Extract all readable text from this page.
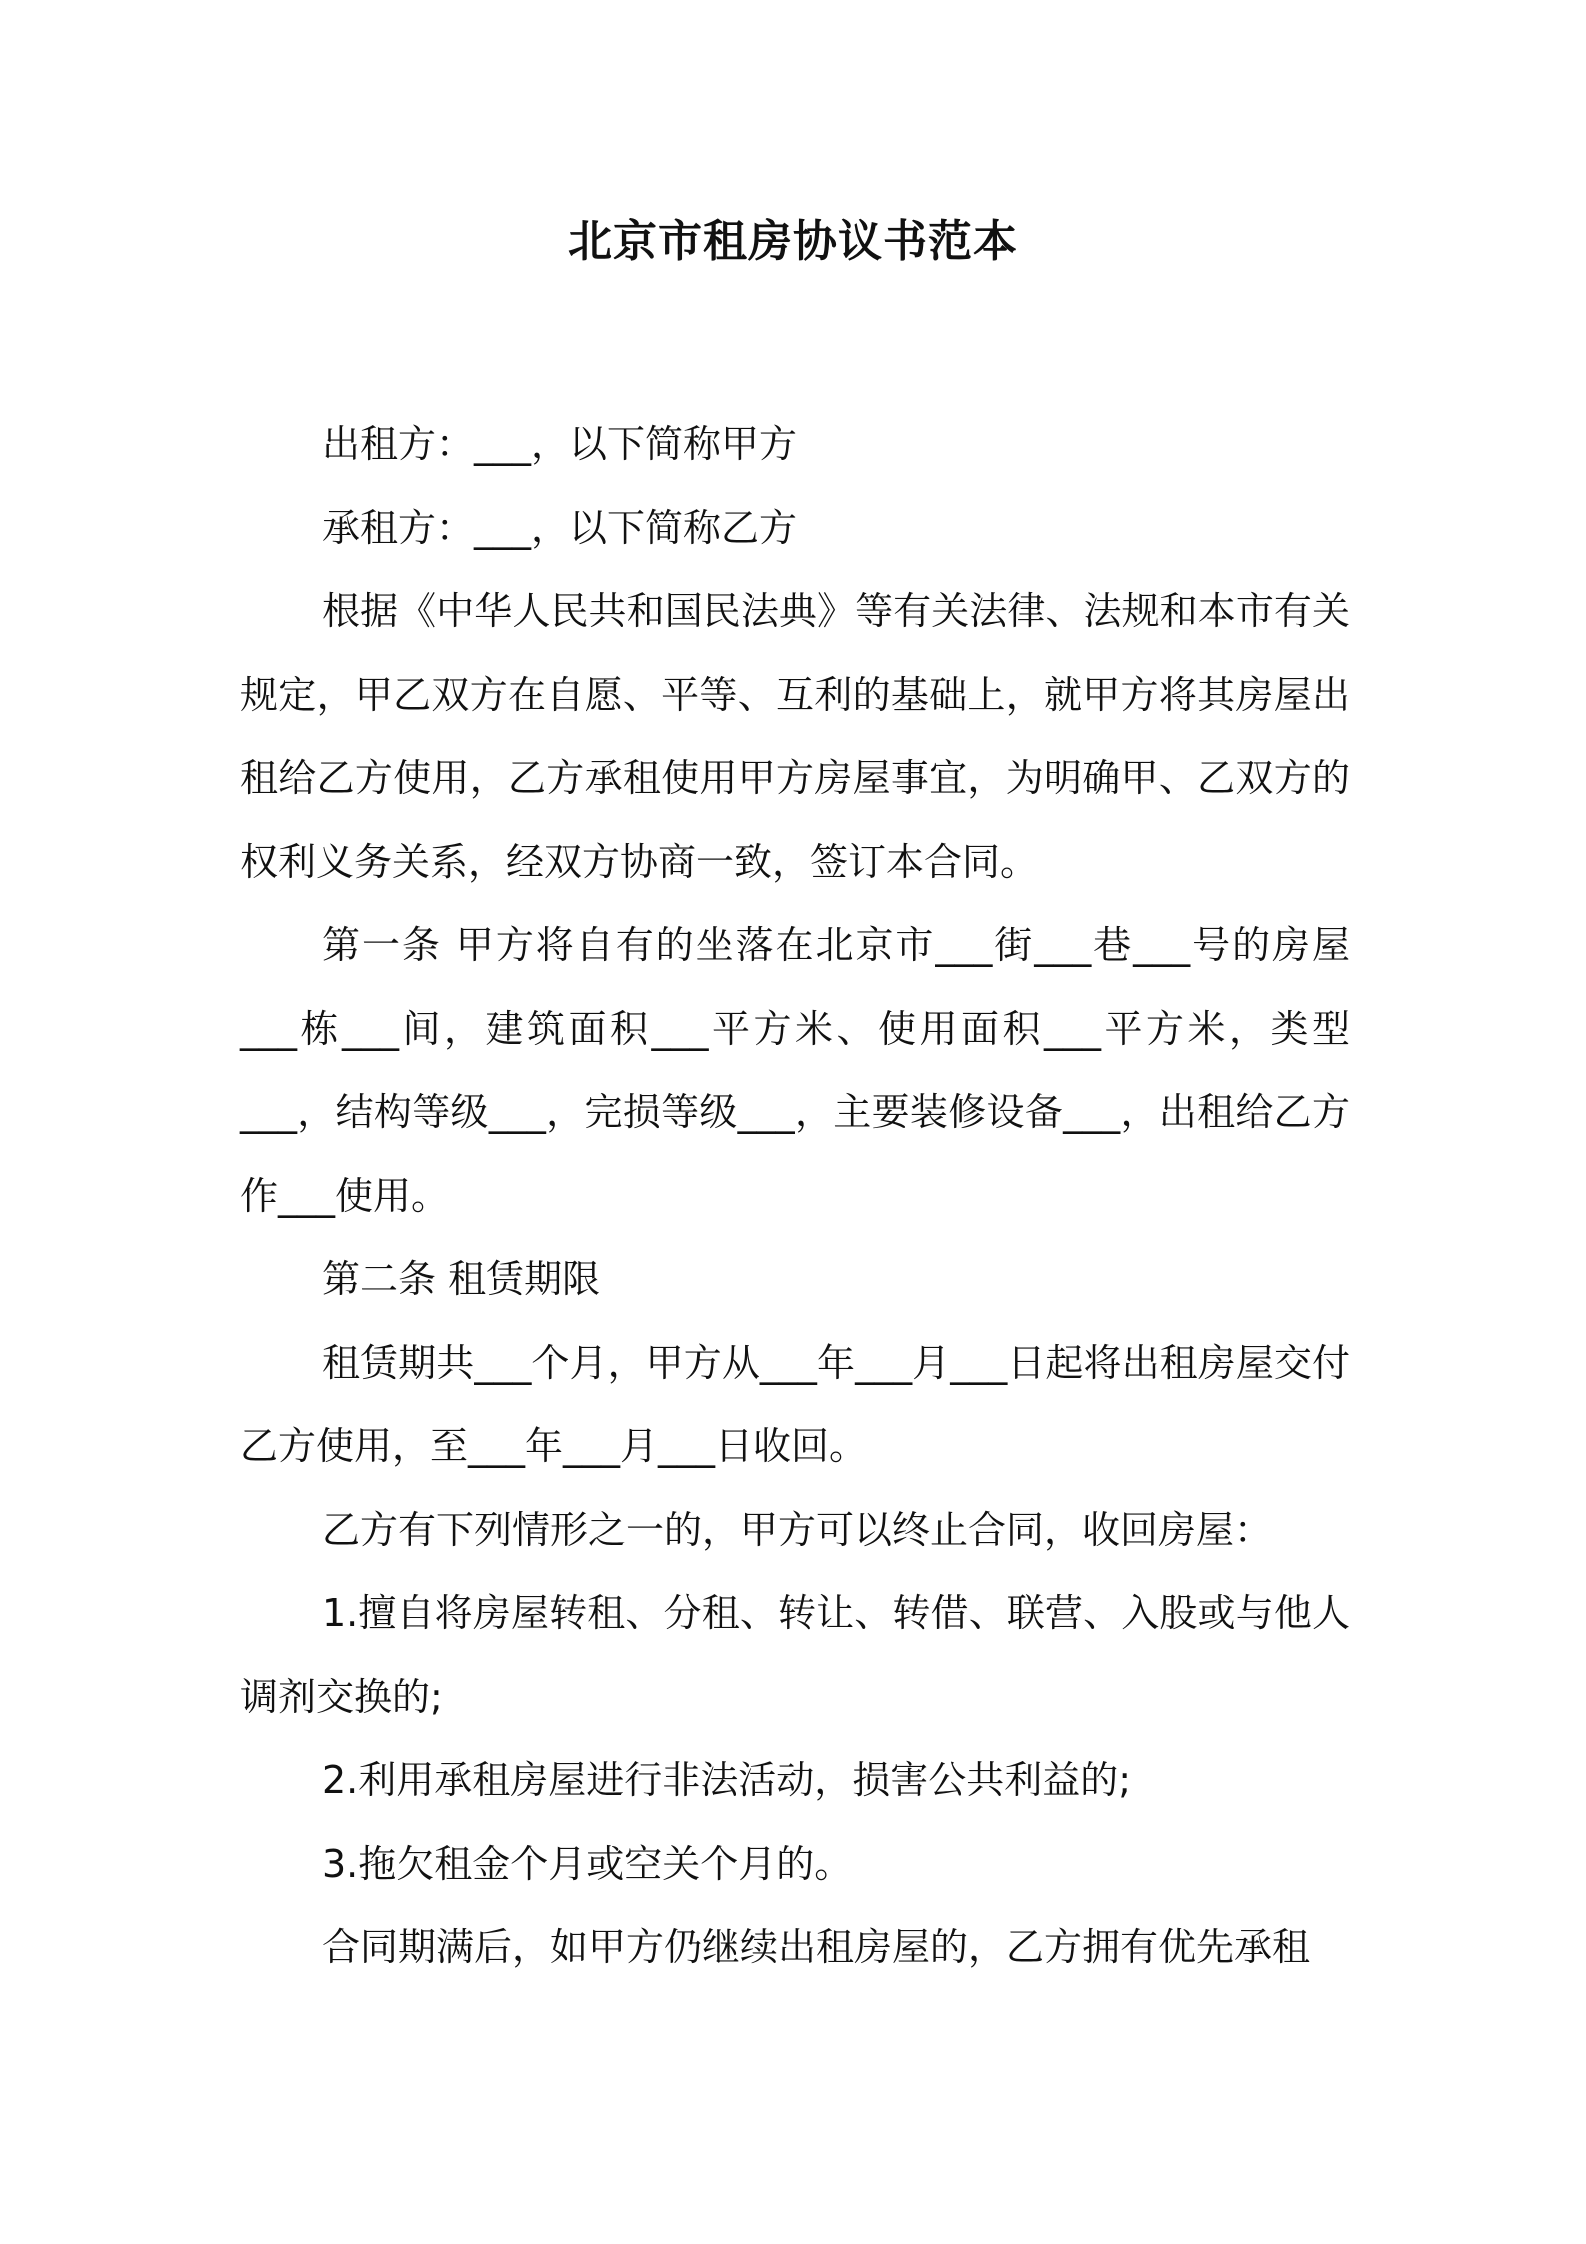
北京市租房协议书范本

出租方：___，以下简称甲方

承租方：___，以下简称乙方

根据《中华人民共和国民法典》等有关法律、法规和本市有关规定，甲乙双方在自愿、平等、互利的基础上，就甲方将其房屋出租给乙方使用，乙方承租使用甲方房屋事宜，为明确甲、乙双方的权利义务关系，经双方协商一致，签订本合同。

第一条 甲方将自有的坐落在北京市___街___巷___号的房屋___栋___间，建筑面积___平方米、使用面积___平方米，类型___，结构等级___，完损等级___，主要装修设备___，出租给乙方作___使用。

第二条 租赁期限

租赁期共___个月，甲方从___年___月___日起将出租房屋交付乙方使用，至___年___月___日收回。

乙方有下列情形之一的，甲方可以终止合同，收回房屋：

1.擅自将房屋转租、分租、转让、转借、联营、入股或与他人调剂交换的;

2.利用承租房屋进行非法活动，损害公共利益的;

3.拖欠租金个月或空关个月的。

合同期满后，如甲方仍继续出租房屋的，乙方拥有优先承租
